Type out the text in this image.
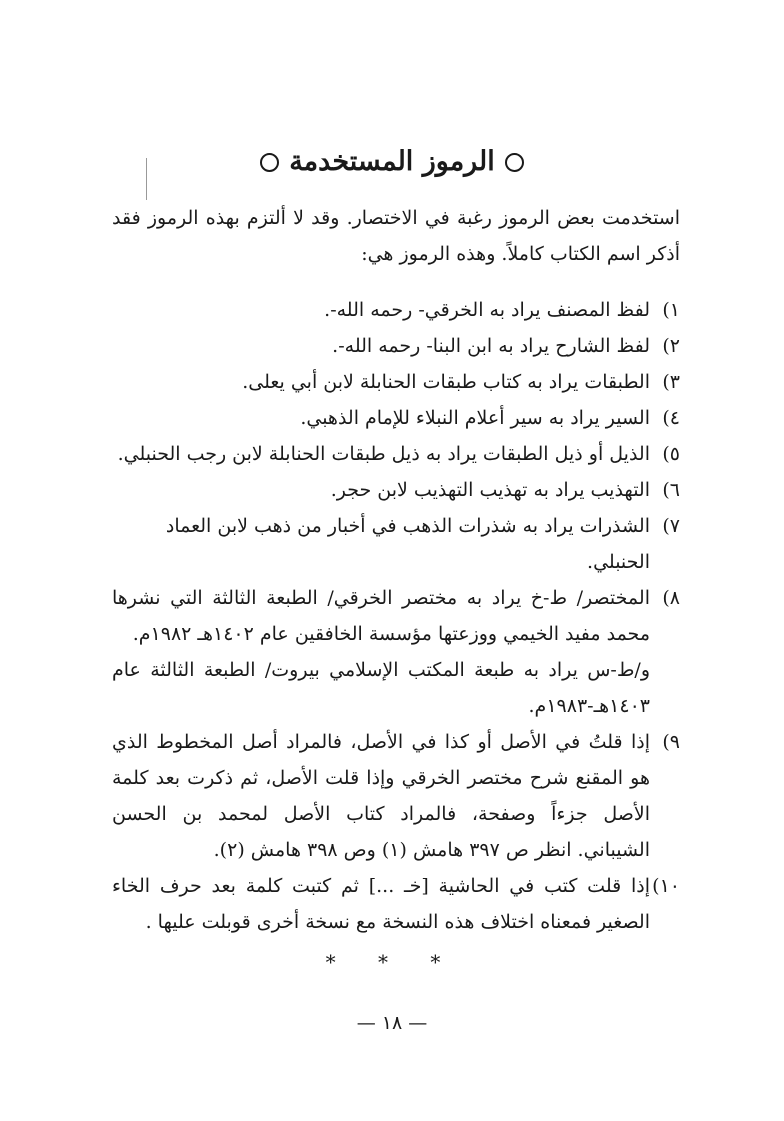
الرموز المستخدمة

استخدمت بعض الرموز رغبة في الاختصار. وقد لا ألتزم بهذه الرموز فقد أذكر اسم الكتاب كاملاً. وهذه الرموز هي:

١)
لفظ المصنف يراد به الخرقي- رحمه الله-.

٢)
لفظ الشارح يراد به ابن البنا- رحمه الله-.

٣)
الطبقات يراد به كتاب طبقات الحنابلة لابن أبي يعلى.

٤)
السير يراد به سير أعلام النبلاء للإمام الذهبي.

٥)
الذيل أو ذيل الطبقات يراد به ذيل طبقات الحنابلة لابن رجب الحنبلي.

٦)
التهذيب يراد به تهذيب التهذيب لابن حجر.

٧)
الشذرات يراد به شذرات الذهب في أخبار من ذهب لابن العماد الحنبلي.

٨)
المختصر/ ط-خ يراد به مختصر الخرقي/ الطبعة الثالثة التي نشرها محمد مفيد الخيمي ووزعتها مؤسسة الخافقين عام ١٤٠٢هـ ١٩٨٢م.

و/ط-س يراد به طبعة المكتب الإسلامي بيروت/ الطبعة الثالثة عام ١٤٠٣هـ-١٩٨٣م.

٩)
إذا قلتُ في الأصل أو كذا في الأصل، فالمراد أصل المخطوط الذي هو المقنع شرح مختصر الخرقي وإذا قلت الأصل، ثم ذكرت بعد كلمة الأصل جزءاً وصفحة، فالمراد كتاب الأصل لمحمد بن الحسن الشيباني. انظر ص ٣٩٧ هامش (١) وص ٣٩٨ هامش (٢).

١٠)
إذا قلت كتب في الحاشية [خـ ...] ثم كتبت كلمة بعد حرف الخاء الصغير فمعناه اختلاف هذه النسخة مع نسخة أخرى قوبلت عليها .

* * *
— ١٨ —
